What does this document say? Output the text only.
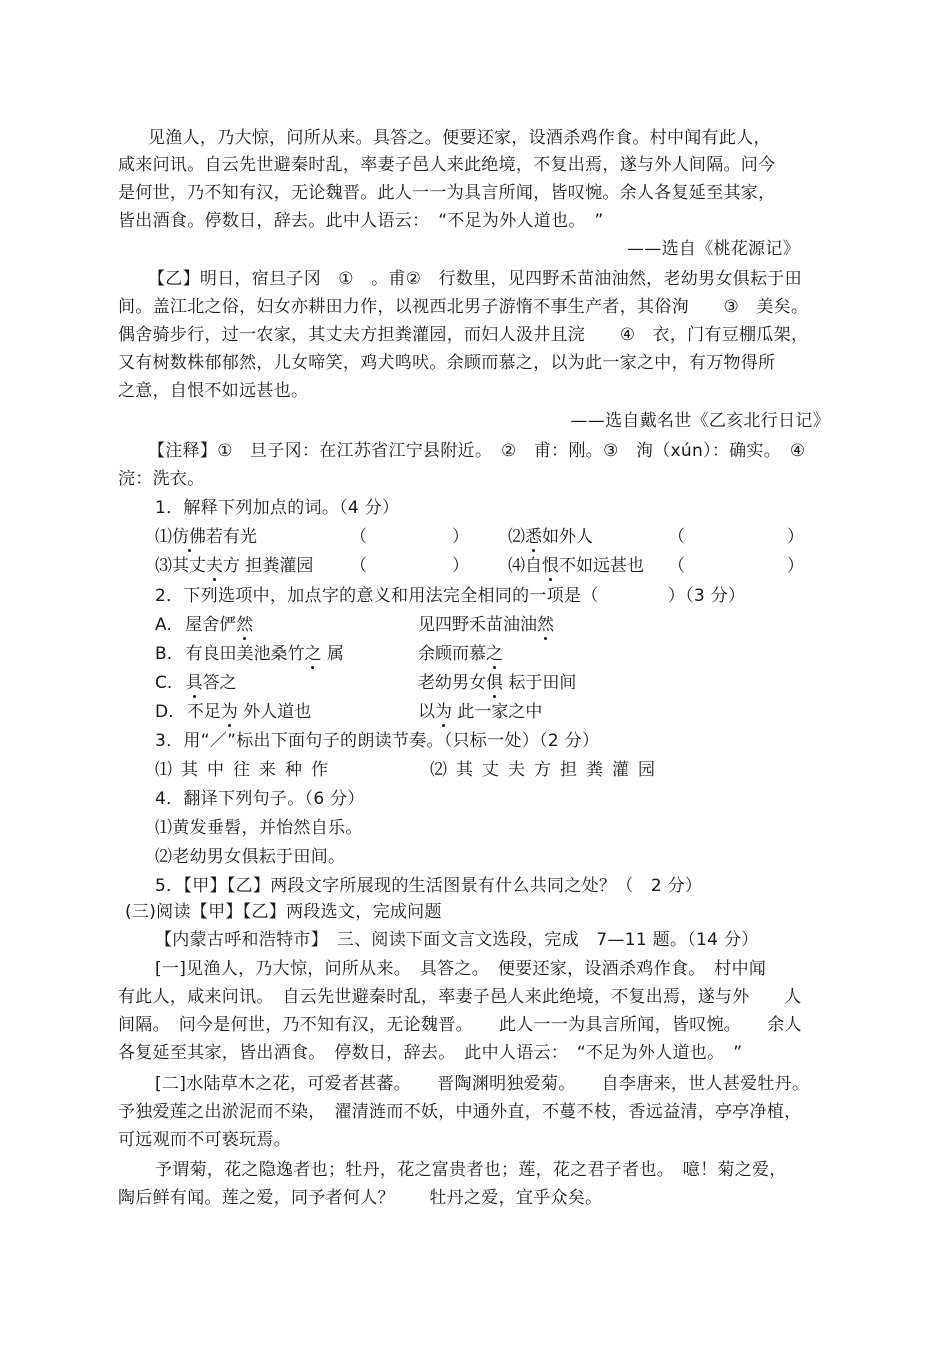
见渔人，乃大惊，问所从来。具答之。便要还家，设酒杀鸡作食。村中闻有此人，
咸来问讯。自云先世避秦时乱，率妻子邑人来此绝境，不复出焉，遂与外人间隔。问今
是何世，乃不知有汉，无论魏晋。此人一一为具言所闻，皆叹惋。余人各复延至其家，
皆出酒食。停数日，辞去。此中人语云：　“不足为外人道也。　”
——选自《桃花源记》
【乙】明日，宿旦子冈　①　。甫②　行数里，见四野禾苗油油然，老幼男女俱耘于田
间。盖江北之俗，妇女亦耕田力作，以视西北男子游惰不事生产者，其俗洵　　③　美矣。
偶舍骑步行，过一农家，其丈夫方担粪灌园，而妇人汲井且浣　　④　衣，门有豆棚瓜架，
又有树数株郁郁然，儿女啼笑，鸡犬鸣吠。余顾而慕之，以为此一家之中，有万物得所
之意，自恨不如远甚也。
——选自戴名世《乙亥北行日记》
【注释】①　旦子冈：在江苏省江宁县附近。　②　甫：刚。③　洵（xún）：确实。　④
浣：洗衣。
1．解释下列加点的词。（4 分）
⑴仿佛若有光	（　　　　　） ⑵悉如外人	（　　　　　　）
⑶其丈夫方 担粪灌园 （　　　　　） ⑷自恨不如远甚也 （　　　　　　）
2．下列选项中，加点字的意义和用法完全相同的一项是（　　　　）（3 分）
A. 屋舍俨然	见四野禾苗油油然
B. 有良田美池桑竹之 属	余顾而慕之
C. 具答之	老幼男女俱 耘于田间
D. 不足为 外人道也	以为 此一家之中
3．用“／”标出下面句子的朗读节奏。（只标一处）（2 分）
⑴其中往来种作	⑵其丈夫方担粪灌园
4．翻译下列句子。（6 分）
⑴黄发垂髫，并怡然自乐。
⑵老幼男女俱耘于田间。
5．【甲】【乙】两段文字所展现的生活图景有什么共同之处？（　2 分）
(三)阅读【甲】【乙】两段选文，完成问题
【内蒙古呼和浩特市】　三、阅读下面文言文选段，完成　7—11 题。（14 分）
[一]见渔人，乃大惊，问所从来。　具答之。　便要还家，设酒杀鸡作食。　村中闻
有此人，咸来问讯。　自云先世避秦时乱，率妻子邑人来此绝境，不复出焉，遂与外　　人
间隔。　问今是何世，乃不知有汉，无论魏晋。　　此人一一为具言所闻，皆叹惋。　　余人
各复延至其家，皆出酒食。　停数日，辞去。　此中人语云：　“不足为外人道也。　”
[二]水陆草木之花，可爱者甚蕃。　　晋陶渊明独爱菊。　　自李唐来，世人甚爱牡丹。
予独爱莲之出淤泥而不染，　濯清涟而不妖，中通外直，不蔓不枝，香远益清，亭亭净植，
可远观而不可亵玩焉。
予谓菊，花之隐逸者也；牡丹，花之富贵者也；莲，花之君子者也。　噫！菊之爱，
陶后鲜有闻。莲之爱，同予者何人？　　牡丹之爱，宜乎众矣。
